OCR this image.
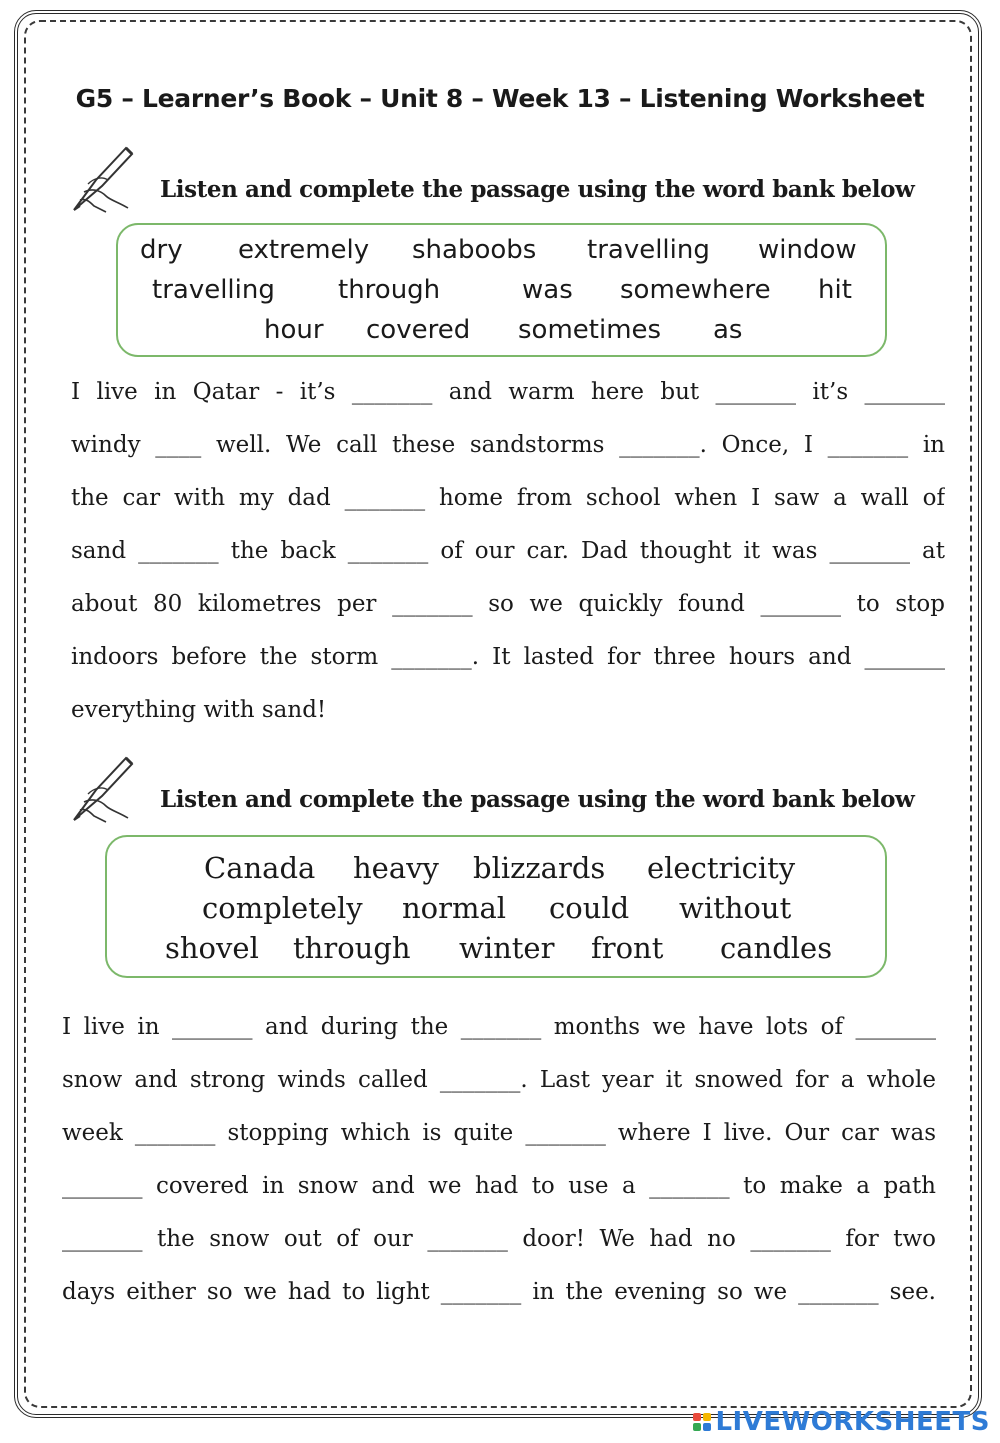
G5 – Learner’s Book – Unit 8 – Week 13 – Listening Worksheet

Listen and complete the passage using the word bank below

dry extremely shaboobs travelling window
travelling through	was somewhere hit
hour covered sometimes as
I live in Qatar - it’s _______ and warm here but _______ it’s _______
windy ____ well. We call these sandstorms _______. Once, I _______ in
the car with my dad _______ home from school when I saw a wall of
sand _______ the back _______ of our car. Dad thought it was _______ at
about 80 kilometres per _______ so we quickly found _______ to stop
indoors before the storm _______. It lasted for three hours and _______
everything with sand!

Listen and complete the passage using the word bank below

Canada heavy blizzards electricity
completely normal could without
shovel through winter front candles
I live in _______ and during the _______ months we have lots of _______
snow and strong winds called _______. Last year it snowed for a whole
week _______ stopping which is quite _______ where I live. Our car was
_______ covered in snow and we had to use a _______ to make a path
_______ the snow out of our _______ door! We had no _______ for two
days either so we had to light _______ in the evening so we _______ see.
LIVEWORKSHEETS
